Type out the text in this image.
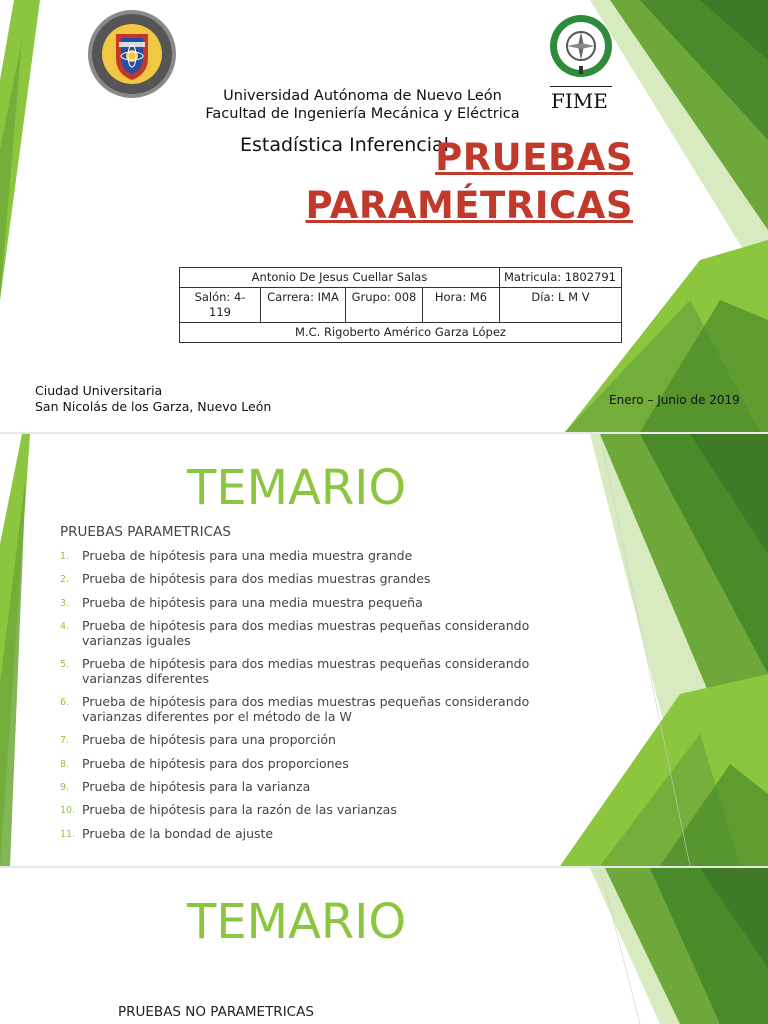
FIME
Universidad Autónoma de Nuevo León
Facultad de Ingeniería Mecánica y Eléctrica
Estadística Inferencial
PRUEBAS
PARAMÉTRICAS
Antonio De Jesus Cuellar Salas				Matricula: 1802791
Salón: 4-119	Carrera: IMA	Grupo: 008	Hora: M6	Día: L M V
M.C. Rigoberto Américo Garza López				
Ciudad Universitaria
San Nicolás de los Garza, Nuevo León	Enero – Junio de 2019
TEMARIO
PRUEBAS PARAMETRICAS
1. Prueba de hipótesis para una media muestra grande
2. Prueba de hipótesis para dos medias muestras grandes
3. Prueba de hipótesis para una media muestra pequeña
4. Prueba de hipótesis para dos medias muestras pequeñas considerando varianzas iguales
5. Prueba de hipótesis para dos medias muestras pequeñas considerando varianzas diferentes
6. Prueba de hipótesis para dos medias muestras pequeñas considerando varianzas diferentes por el método de la W
7. Prueba de hipótesis para una proporción
8. Prueba de hipótesis para dos proporciones
9. Prueba de hipótesis para la varianza
10. Prueba de hipótesis para la razón de las varianzas
11. Prueba de la bondad de ajuste
TEMARIO
PRUEBAS NO PARAMETRICAS
